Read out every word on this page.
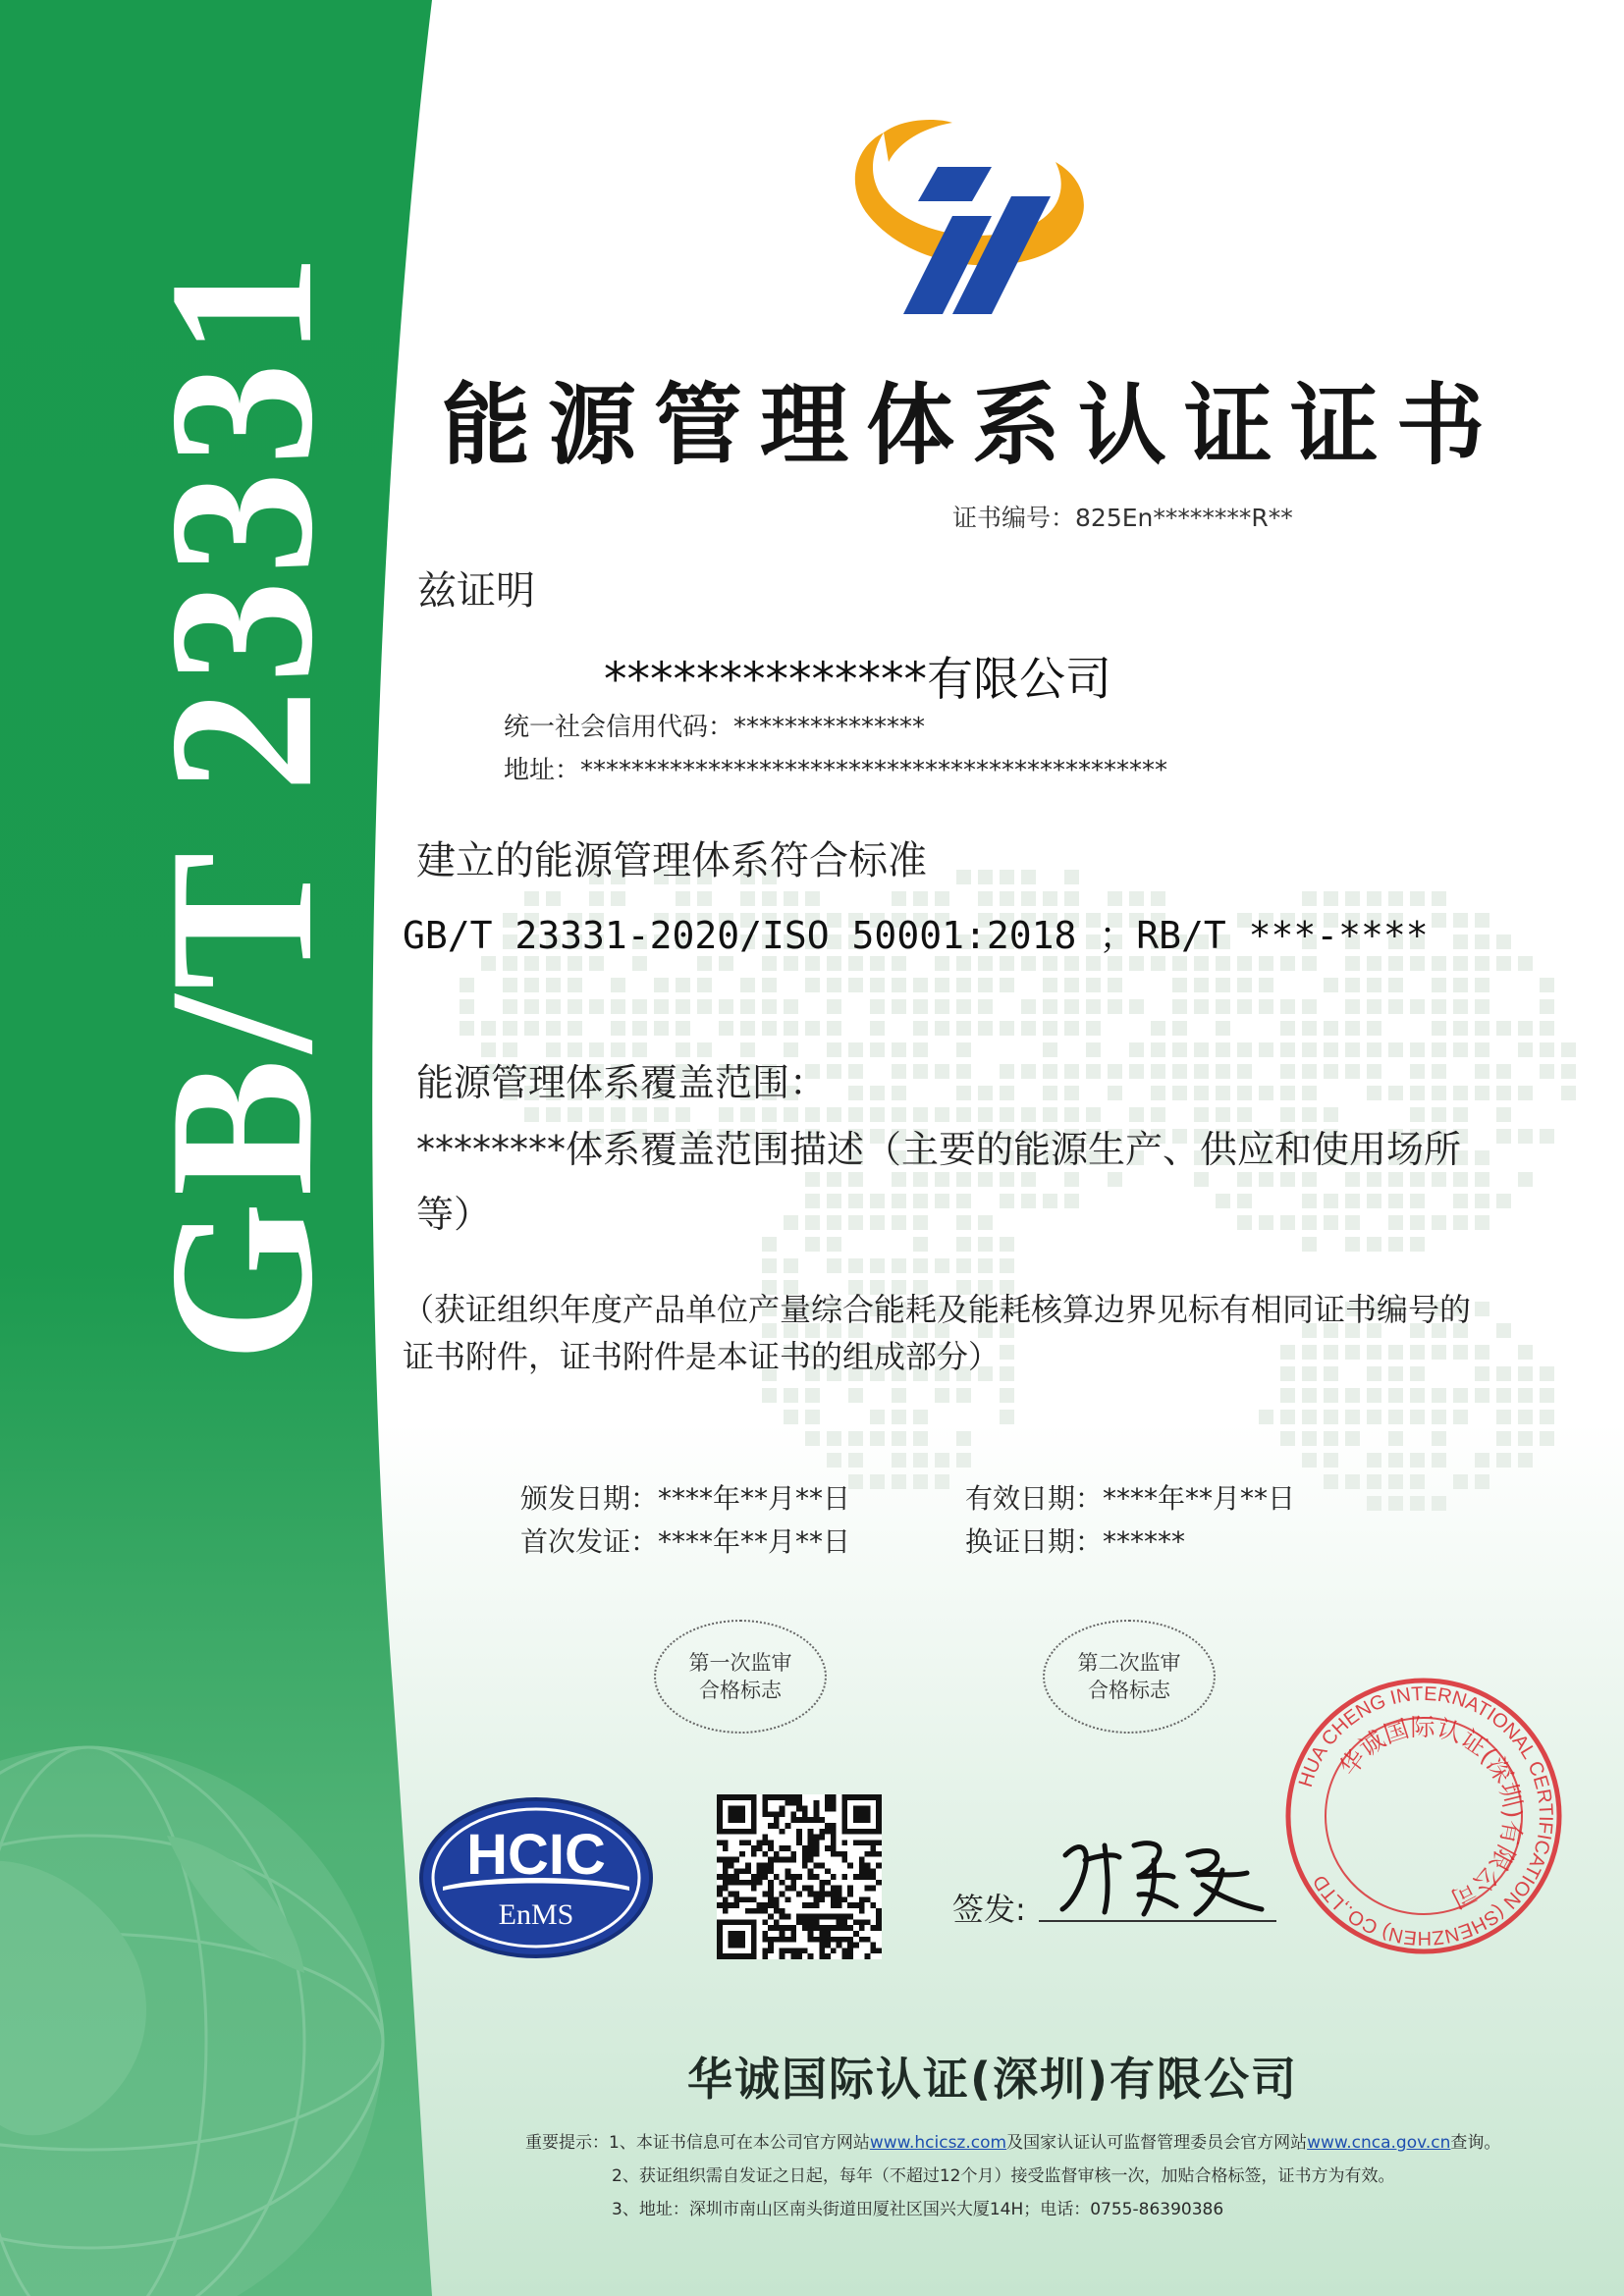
GB/T 23331 能源管理体系认证证书
证书编号：825En********R**
兹证明
**************有限公司
统一社会信用代码：***************
地址：**********************************************
建立的能源管理体系符合标准
GB/T 23331-2020/ISO 50001:2018 ；RB/T ***-****
能源管理体系覆盖范围：
********体系覆盖范围描述（主要的能源生产、供应和使用场所等）
（获证组织年度产品单位产量综合能耗及能耗核算边界见标有相同证书编号的证书附件，证书附件是本证书的组成部分）
颁发日期：****年**月**日	有效日期：****年**月**日
首次发证：****年**月**日	换证日期：******
第一次监审
合格标志
第二次监审
合格标志
HCIC
EnMS	签发:
HUA CHENG INTERNATIONAL CERTIFICATION (SHENZHEN) CO.,LTD
华诚国际认证(深圳)有限公司
华诚国际认证(深圳)有限公司
重要提示：1、本证书信息可在本公司官方网站www.hcicsz.com及国家认证认可监督管理委员会官方网站www.cnca.gov.cn查询。
2、获证组织需自发证之日起，每年（不超过12个月）接受监督审核一次，加贴合格标签，证书方为有效。
3、地址：深圳市南山区南头街道田厦社区国兴大厦14H；电话：0755-86390386
